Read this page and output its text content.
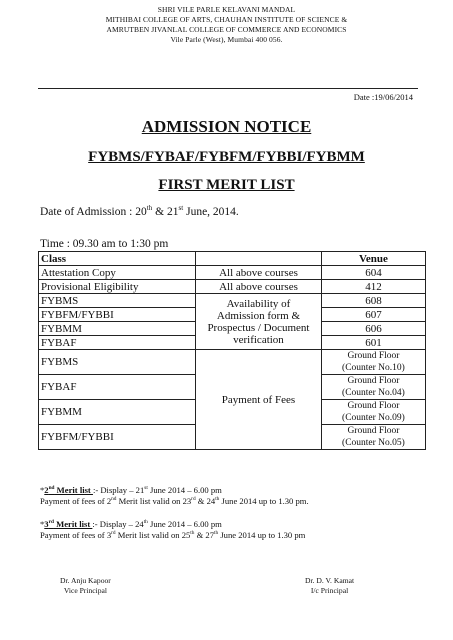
SHRI VILE PARLE KELAVANI MANDAL
MITHIBAI COLLEGE OF ARTS, CHAUHAN INSTITUTE OF SCIENCE &
AMRUTBEN JIVANLAL COLLEGE OF COMMERCE AND ECONOMICS
Vile Parle (West), Mumbai 400 056.
Date :19/06/2014
ADMISSION NOTICE
FYBMS/FYBAF/FYBFM/FYBBI/FYBMM
FIRST MERIT LIST
Date of Admission : 20th & 21st June, 2014.
Time : 09.30 am to 1:30 pm
Class		Venue
Attestation Copy	All above courses	604
Provisional Eligibility	All above courses	412
FYBMS	Availability of
Admission form &
Prospectus / Document
verification	608
FYBFM/FYBBI		607
FYBMM		606
FYBAF		601
FYBMS	Payment of Fees	Ground Floor
(Counter No.10)

FYBAF		Ground Floor
(Counter No.04)

FYBMM		Ground Floor
(Counter No.09)

FYBFM/FYBBI		Ground Floor
(Counter No.05)
*2nd Merit list :- Display – 21st June 2014 – 6.00 pm
Payment of fees of 2nd Merit list valid on 23rd & 24th June 2014 up to 1.30 pm.
*3rd Merit list :- Display – 24th June 2014 – 6.00 pm
Payment of fees of 3rd Merit list valid on 25th & 27th June 2014 up to 1.30 pm
Dr. Anju Kapoor
Vice Principal
Dr. D. V. Kamat
I/c Principal
